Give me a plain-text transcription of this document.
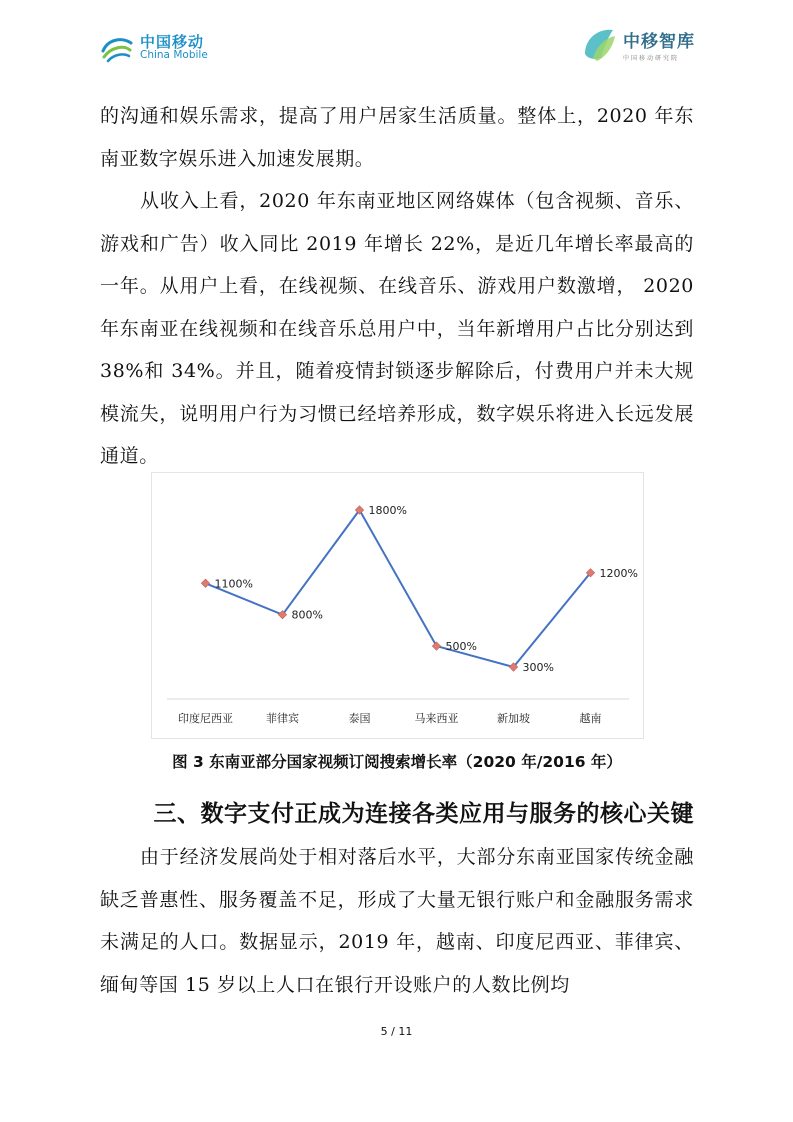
中国移动
China Mobile
中移智库
中国移动研究院
的沟通和娱乐需求，提高了用户居家生活质量。整体上，2020 年东南亚数字娱乐进入加速发展期。
从收入上看，2020 年东南亚地区网络媒体（包含视频、音乐、游戏和广告）收入同比 2019 年增长 22%，是近几年增长率最高的一年。从用户上看，在线视频、在线音乐、游戏用户数激增， 2020 年东南亚在线视频和在线音乐总用户中，当年新增用户占比分别达到 38%和 34%。并且，随着疫情封锁逐步解除后，付费用户并未大规模流失，说明用户行为习惯已经培养形成，数字娱乐将进入长远发展通道。
1100%
印度尼西亚
800%
菲律宾
1800%
泰国
500%
马来西亚
300%
新加坡
1200%
越南
图 3 东南亚部分国家视频订阅搜索增长率（2020 年/2016 年）
三、数字支付正成为连接各类应用与服务的核心关键
由于经济发展尚处于相对落后水平，大部分东南亚国家传统金融缺乏普惠性、服务覆盖不足，形成了大量无银行账户和金融服务需求未满足的人口。数据显示，2019 年，越南、印度尼西亚、菲律宾、缅甸等国 15 岁以上人口在银行开设账户的人数比例均
5 / 11
